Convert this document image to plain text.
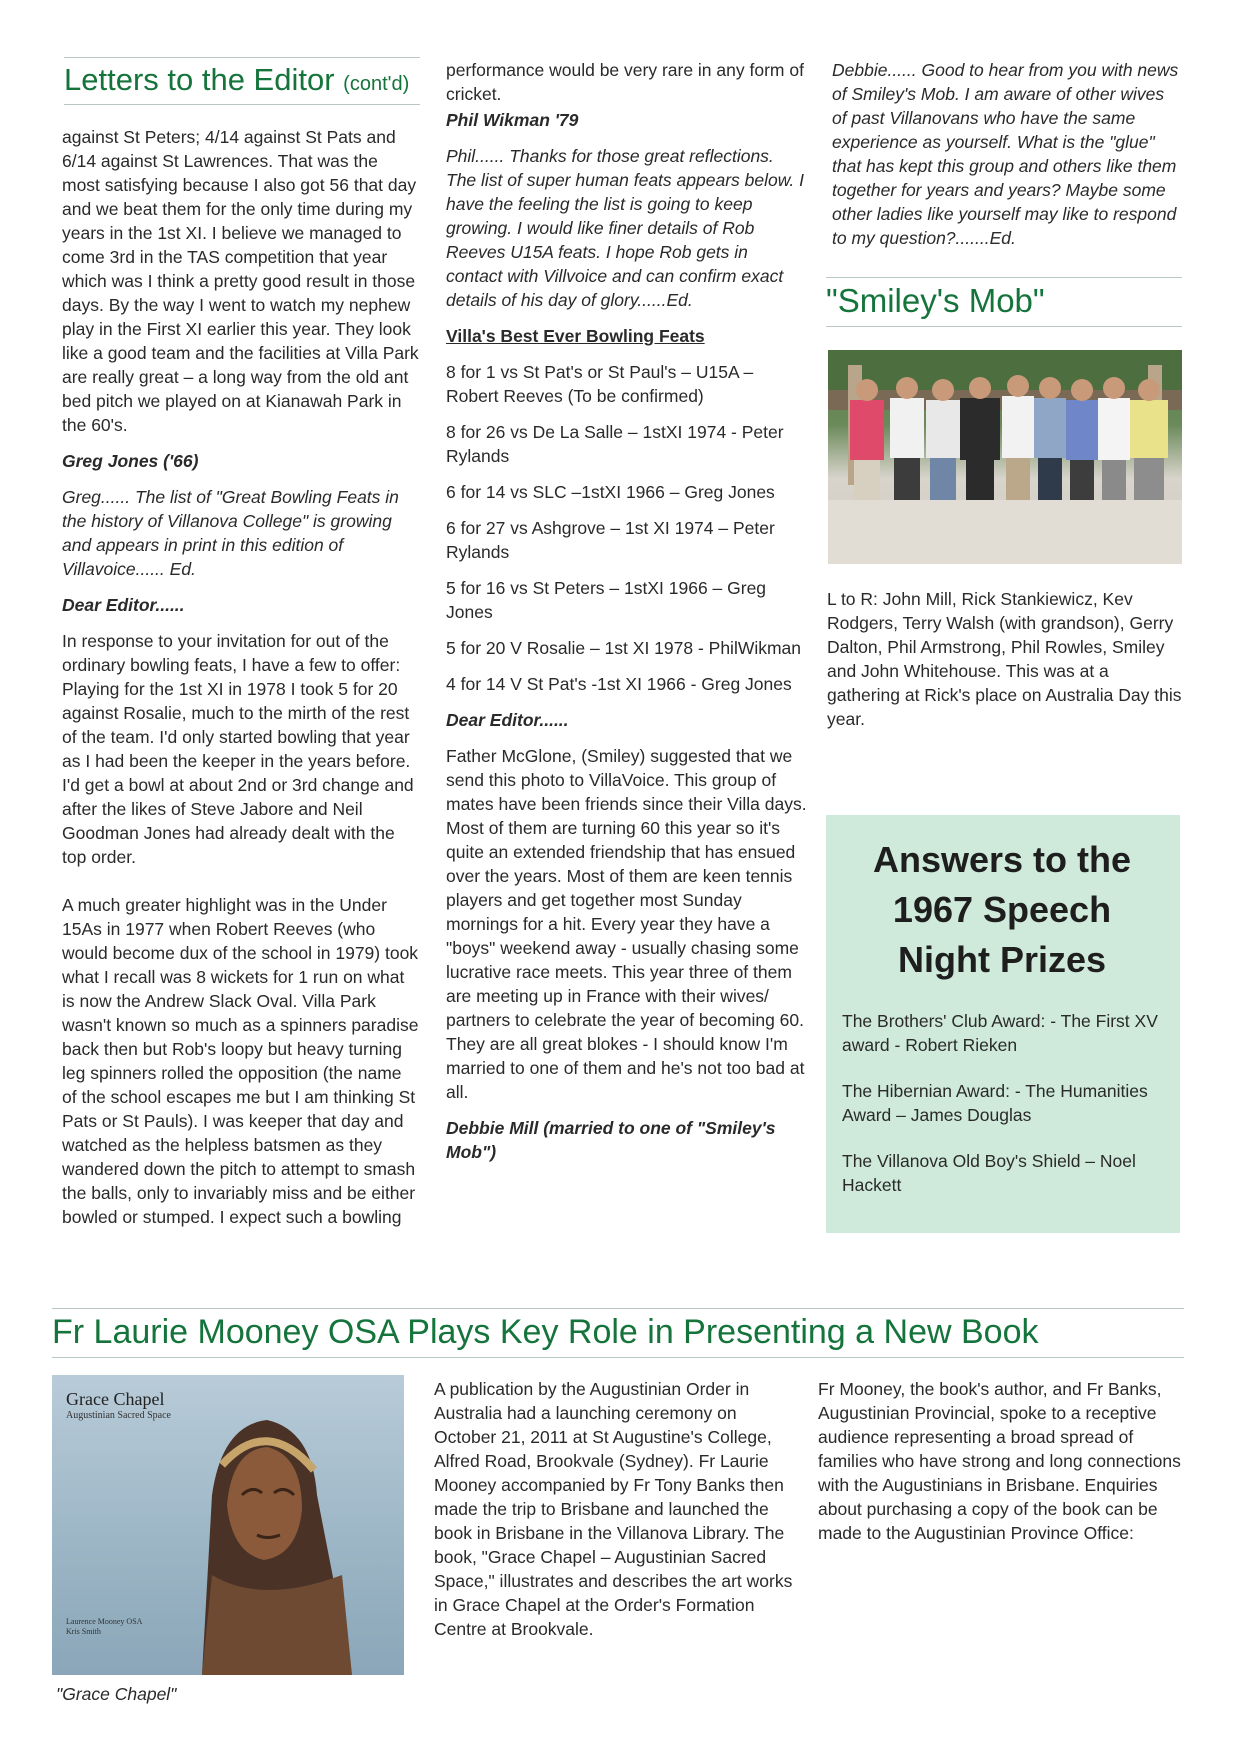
Letters to the Editor (cont'd)

against St Peters; 4/14 against St Pats and 6/14 against St Lawrences. That was the most satisfying because I also got 56 that day and we beat them for the only time during my years in the 1st XI. I believe we managed to come 3rd in the TAS competition that year which was I think a pretty good result in those days. By the way I went to watch my nephew play in the First XI earlier this year. They look like a good team and the facilities at Villa Park are really great – a long way from the old ant bed pitch we played on at Kianawah Park in the 60's.

Greg Jones ('66)

Greg...... The list of "Great Bowling Feats in the history of Villanova College" is growing and appears in print in this edition of Villavoice...... Ed.

Dear Editor......

In response to your invitation for out of the ordinary bowling feats, I have a few to offer: Playing for the 1st XI in 1978 I took 5 for 20 against Rosalie, much to the mirth of the rest of the team. I'd only started bowling that year as I had been the keeper in the years before. I'd get a bowl at about 2nd or 3rd change and after the likes of Steve Jabore and Neil Goodman Jones had already dealt with the top order.

A much greater highlight was in the Under 15As in 1977 when Robert Reeves (who would become dux of the school in 1979) took what I recall was 8 wickets for 1 run on what is now the Andrew Slack Oval. Villa Park wasn't known so much as a spinners paradise back then but Rob's loopy but heavy turning leg spinners rolled the opposition (the name of the school escapes me but I am thinking St Pats or St Pauls). I was keeper that day and watched as the helpless batsmen as they wandered down the pitch to attempt to smash the balls, only to invariably miss and be either bowled or stumped. I expect such a bowling

performance would be very rare in any form of cricket.

Phil Wikman '79

Phil...... Thanks for those great reflections. The list of super human feats appears below. I have the feeling the list is going to keep growing. I would like finer details of Rob Reeves U15A feats. I hope Rob gets in contact with Villvoice and can confirm exact details of his day of glory......Ed.

Villa's Best Ever Bowling Feats

8 for 1 vs St Pat's or St Paul's – U15A – Robert Reeves (To be confirmed)

8 for 26 vs De La Salle – 1stXI 1974 - Peter Rylands

6 for 14 vs SLC –1stXI 1966 – Greg Jones

6 for 27 vs Ashgrove – 1st XI 1974 – Peter Rylands

5 for 16 vs St Peters – 1stXI 1966 – Greg Jones

5 for 20 V Rosalie – 1st XI 1978 - PhilWikman

4 for 14 V St Pat's -1st XI 1966 - Greg Jones

Dear Editor......

Father McGlone, (Smiley) suggested that we send this photo to VillaVoice. This group of mates have been friends since their Villa days. Most of them are turning 60 this year so it's quite an extended friendship that has ensued over the years. Most of them are keen tennis players and get together most Sunday mornings for a hit. Every year they have a "boys" weekend away - usually chasing some lucrative race meets. This year three of them are meeting up in France with their wives/ partners to celebrate the year of becoming 60. They are all great blokes - I should know I'm married to one of them and he's not too bad at all.

Debbie Mill (married to one of "Smiley's Mob")

Debbie...... Good to hear from you with news of Smiley's Mob. I am aware of other wives of past Villanovans who have the same experience as yourself. What is the "glue" that has kept this group and others like them together for years and years? Maybe some other ladies like yourself may like to respond to my question?.......Ed.

"Smiley's Mob"

L to R: John Mill, Rick Stankiewicz, Kev Rodgers, Terry Walsh (with grandson), Gerry Dalton, Phil Armstrong, Phil Rowles, Smiley and John Whitehouse. This was at a gathering at Rick's place on Australia Day this year.

Answers to the 1967 Speech Night Prizes

The Brothers' Club Award: - The First XV award - Robert Rieken

The Hibernian Award: - The Humanities Award – James Douglas

The Villanova Old Boy's Shield – Noel Hackett

Fr Laurie Mooney OSA Plays Key Role in Presenting a New Book
Grace Chapel
Augustinian Sacred Space
Laurence Mooney OSA
Kris Smith
"Grace Chapel"

A publication by the Augustinian Order in Australia had a launching ceremony on October 21, 2011 at St Augustine's College, Alfred Road, Brookvale (Sydney). Fr Laurie Mooney accompanied by Fr Tony Banks then made the trip to Brisbane and launched the book in Brisbane in the Villanova Library. The book, "Grace Chapel – Augustinian Sacred Space," illustrates and describes the art works in Grace Chapel at the Order's Formation Centre at Brookvale.

Fr Mooney, the book's author, and Fr Banks, Augustinian Provincial, spoke to a receptive audience representing a broad spread of families who have strong and long connections with the Augustinians in Brisbane. Enquiries about purchasing a copy of the book can be made to the Augustinian Province Office:
